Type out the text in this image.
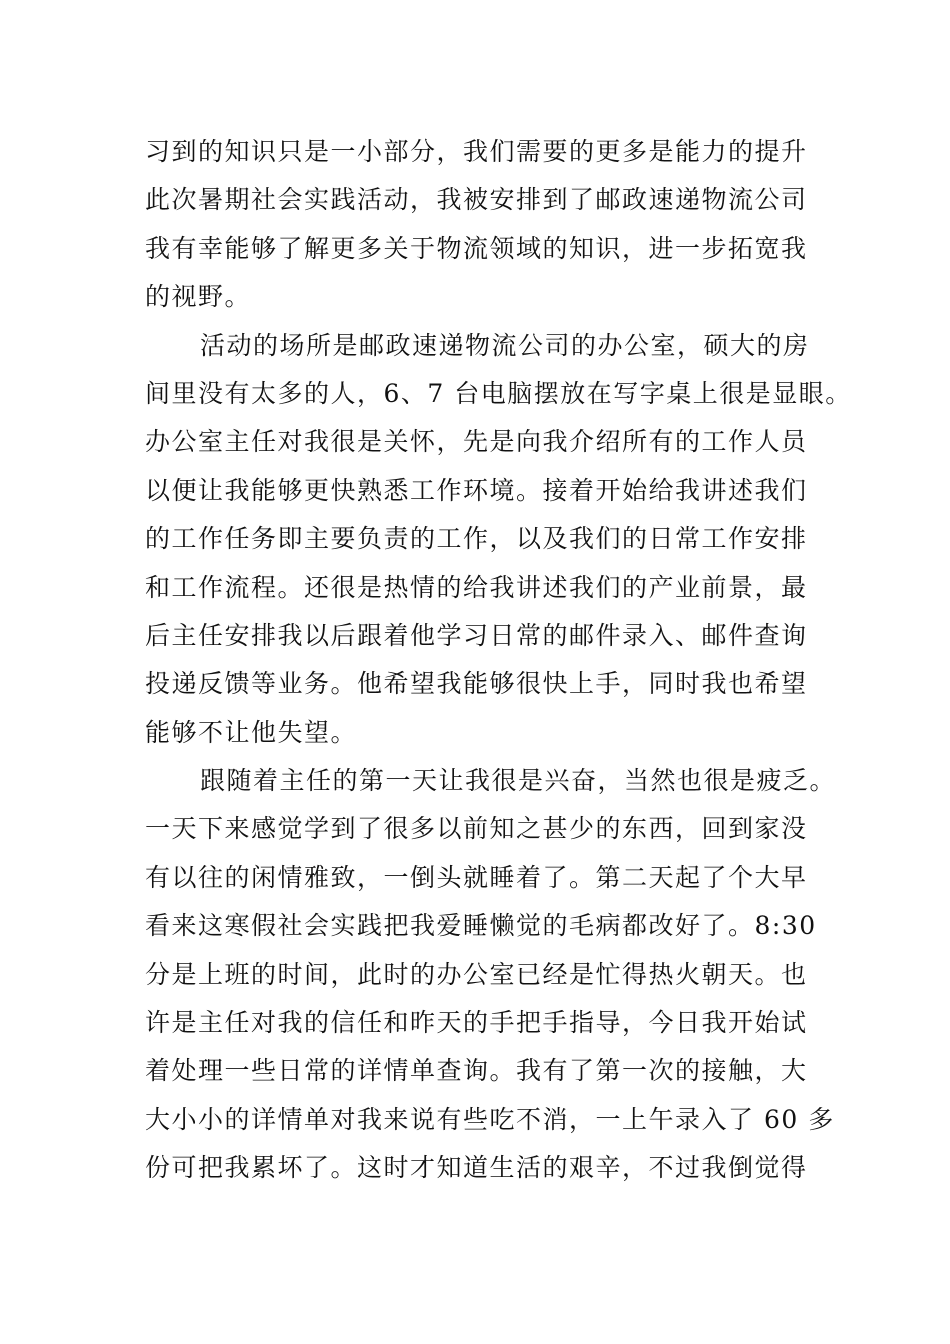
习到的知识只是一小部分，我们需要的更多是能力的提升
此次暑期社会实践活动，我被安排到了邮政速递物流公司
我有幸能够了解更多关于物流领域的知识，进一步拓宽我
的视野。
活动的场所是邮政速递物流公司的办公室，硕大的房
间里没有太多的人，6、7 台电脑摆放在写字桌上很是显眼。
办公室主任对我很是关怀，先是向我介绍所有的工作人员
以便让我能够更快熟悉工作环境。接着开始给我讲述我们
的工作任务即主要负责的工作，以及我们的日常工作安排
和工作流程。还很是热情的给我讲述我们的产业前景，最
后主任安排我以后跟着他学习日常的邮件录入、邮件查询
投递反馈等业务。他希望我能够很快上手，同时我也希望
能够不让他失望。
跟随着主任的第一天让我很是兴奋，当然也很是疲乏。
一天下来感觉学到了很多以前知之甚少的东西，回到家没
有以往的闲情雅致，一倒头就睡着了。第二天起了个大早
看来这寒假社会实践把我爱睡懒觉的毛病都改好了。8:30
分是上班的时间，此时的办公室已经是忙得热火朝天。也
许是主任对我的信任和昨天的手把手指导，今日我开始试
着处理一些日常的详情单查询。我有了第一次的接触，大
大小小的详情单对我来说有些吃不消，一上午录入了 60 多
份可把我累坏了。这时才知道生活的艰辛，不过我倒觉得
